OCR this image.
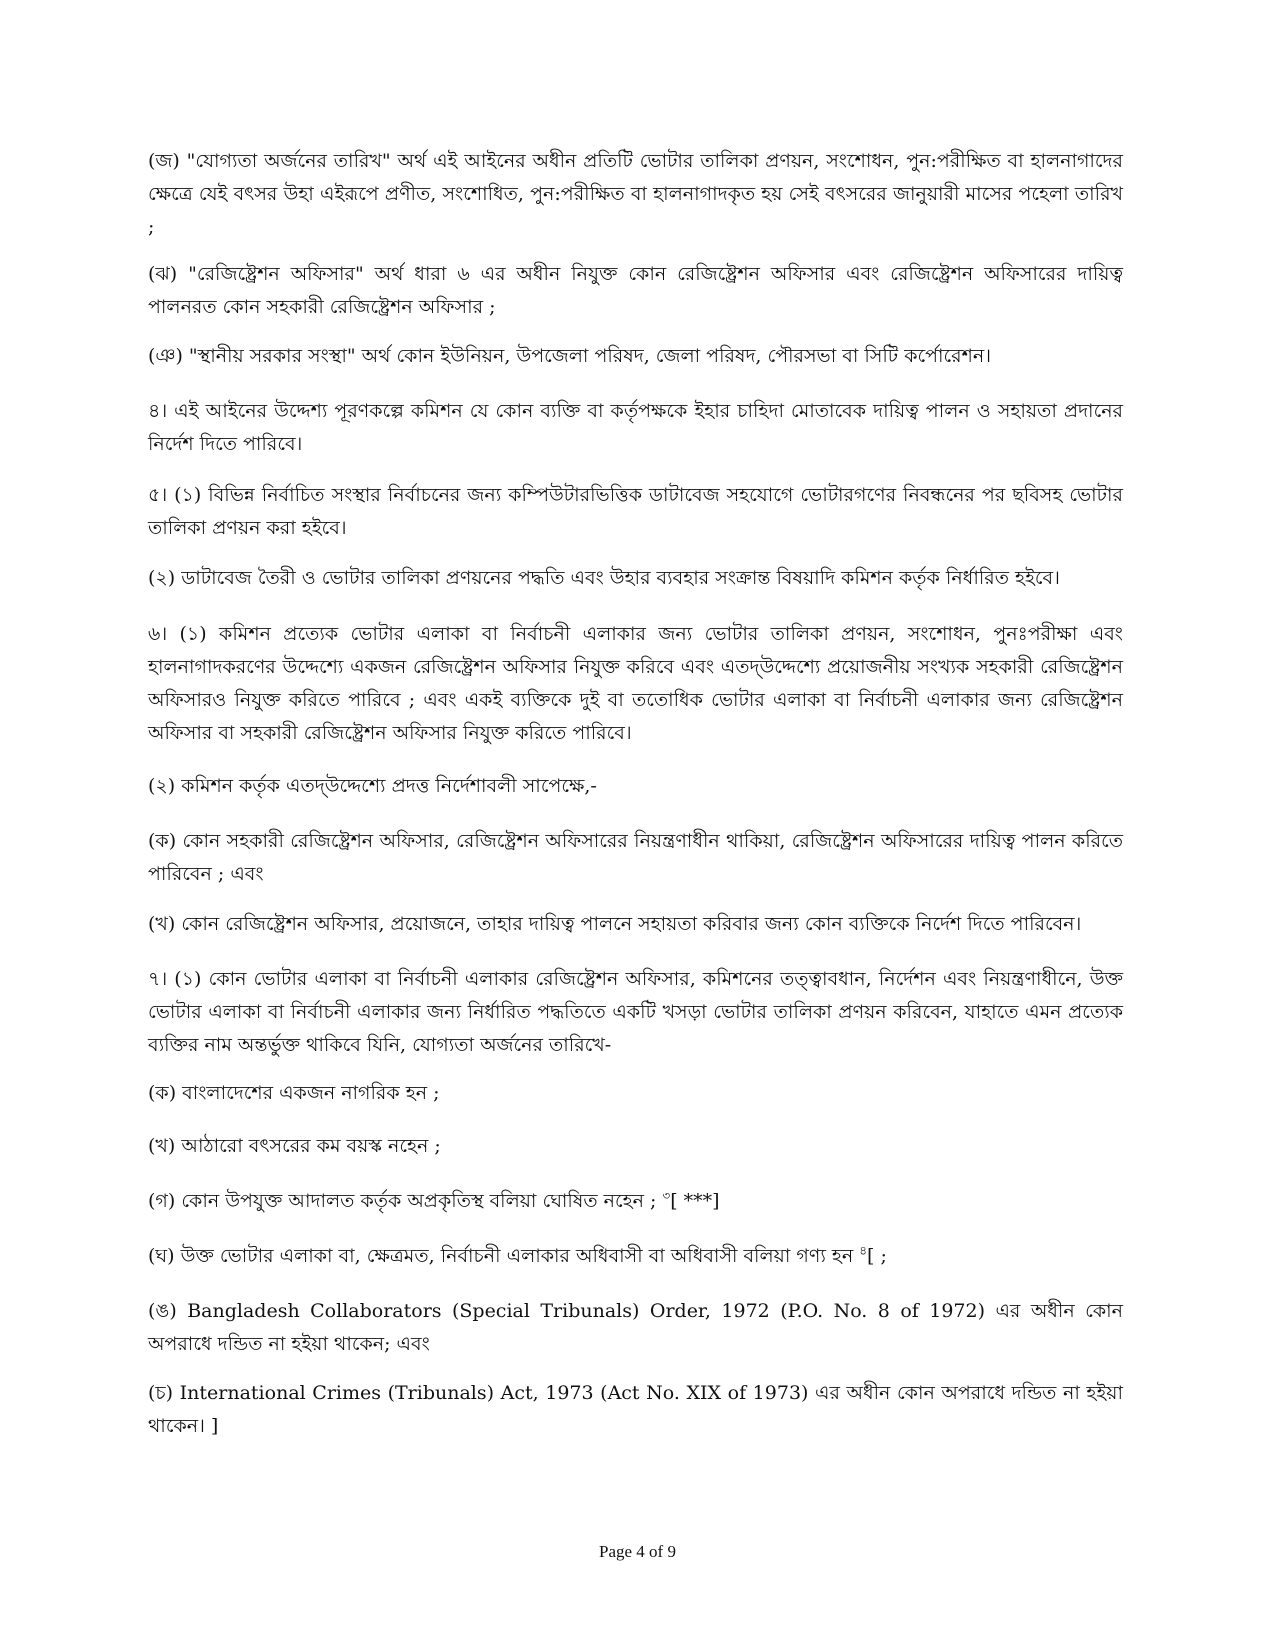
(জ) "যোগ্যতা অর্জনের তারিখ" অর্থ এই আইনের অধীন প্রতিটি ভোটার তালিকা প্রণয়ন, সংশোধন, পুন:পরীক্ষিত বা হালনাগাদের ক্ষেত্রে যেই বৎসর উহা এইরূপে প্রণীত, সংশোধিত, পুন:পরীক্ষিত বা হালনাগাদকৃত হয় সেই বৎসরের জানুয়ারী মাসের পহেলা তারিখ ;

(ঝ) "রেজিষ্ট্রেশন অফিসার" অর্থ ধারা ৬ এর অধীন নিযুক্ত কোন রেজিষ্ট্রেশন অফিসার এবং রেজিষ্ট্রেশন অফিসারের দায়িত্ব পালনরত কোন সহকারী রেজিষ্ট্রেশন অফিসার ;

(ঞ) "স্থানীয় সরকার সংস্থা" অর্থ কোন ইউনিয়ন, উপজেলা পরিষদ, জেলা পরিষদ, পৌরসভা বা সিটি কর্পোরেশন।

৪। এই আইনের উদ্দেশ্য পূরণকল্পে কমিশন যে কোন ব্যক্তি বা কর্তৃপক্ষকে ইহার চাহিদা মোতাবেক দায়িত্ব পালন ও সহায়তা প্রদানের নির্দেশ দিতে পারিবে।

৫। (১) বিভিন্ন নির্বাচিত সংস্থার নির্বাচনের জন্য কম্পিউটারভিত্তিক ডাটাবেজ সহযোগে ভোটারগণের নিবন্ধনের পর ছবিসহ ভোটার তালিকা প্রণয়ন করা হইবে।

(২) ডাটাবেজ তৈরী ও ভোটার তালিকা প্রণয়নের পদ্ধতি এবং উহার ব্যবহার সংক্রান্ত বিষয়াদি কমিশন কর্তৃক নির্ধারিত হইবে।

৬। (১) কমিশন প্রত্যেক ভোটার এলাকা বা নির্বাচনী এলাকার জন্য ভোটার তালিকা প্রণয়ন, সংশোধন, পুনঃপরীক্ষা এবং হালনাগাদকরণের উদ্দেশ্যে একজন রেজিষ্ট্রেশন অফিসার নিযুক্ত করিবে এবং এতদ্‌উদ্দেশ্যে প্রয়োজনীয় সংখ্যক সহকারী রেজিষ্ট্রেশন অফিসারও নিযুক্ত করিতে পারিবে ; এবং একই ব্যক্তিকে দুই বা ততোধিক ভোটার এলাকা বা নির্বাচনী এলাকার জন্য রেজিষ্ট্রেশন অফিসার বা সহকারী রেজিষ্ট্রেশন অফিসার নিযুক্ত করিতে পারিবে।

(২) কমিশন কর্তৃক এতদ্‌উদ্দেশ্যে প্রদত্ত নির্দেশাবলী সাপেক্ষে,-

(ক) কোন সহকারী রেজিষ্ট্রেশন অফিসার, রেজিষ্ট্রেশন অফিসারের নিয়ন্ত্রণাধীন থাকিয়া, রেজিষ্ট্রেশন অফিসারের দায়িত্ব পালন করিতে পারিবেন ; এবং

(খ) কোন রেজিষ্ট্রেশন অফিসার, প্রয়োজনে, তাহার দায়িত্ব পালনে সহায়তা করিবার জন্য কোন ব্যক্তিকে নির্দেশ দিতে পারিবেন।

৭। (১) কোন ভোটার এলাকা বা নির্বাচনী এলাকার রেজিষ্ট্রেশন অফিসার, কমিশনের তত্ত্বাবধান, নির্দেশন এবং নিয়ন্ত্রণাধীনে, উক্ত ভোটার এলাকা বা নির্বাচনী এলাকার জন্য নির্ধারিত পদ্ধতিতে একটি খসড়া ভোটার তালিকা প্রণয়ন করিবেন, যাহাতে এমন প্রত্যেক ব্যক্তির নাম অন্তর্ভুক্ত থাকিবে যিনি, যোগ্যতা অর্জনের তারিখে-

(ক) বাংলাদেশের একজন নাগরিক হন ;

(খ) আঠারো বৎসরের কম বয়স্ক নহেন ;

(গ) কোন উপযুক্ত আদালত কর্তৃক অপ্রকৃতিস্থ বলিয়া ঘোষিত নহেন ; $^৩$[ ***]

(ঘ) উক্ত ভোটার এলাকা বা, ক্ষেত্রমত, নির্বাচনী এলাকার অধিবাসী বা অধিবাসী বলিয়া গণ্য হন $^৪$[ ;

(ঙ) Bangladesh Collaborators (Special Tribunals) Order, 1972 (P.O. No. 8 of 1972) এর অধীন কোন অপরাধে দন্ডিত না হইয়া থাকেন; এবং

(চ) International Crimes (Tribunals) Act, 1973 (Act No. XIX of 1973) এর অধীন কোন অপরাধে দন্ডিত না হইয়া থাকেন। ]

Page 4 of 9
